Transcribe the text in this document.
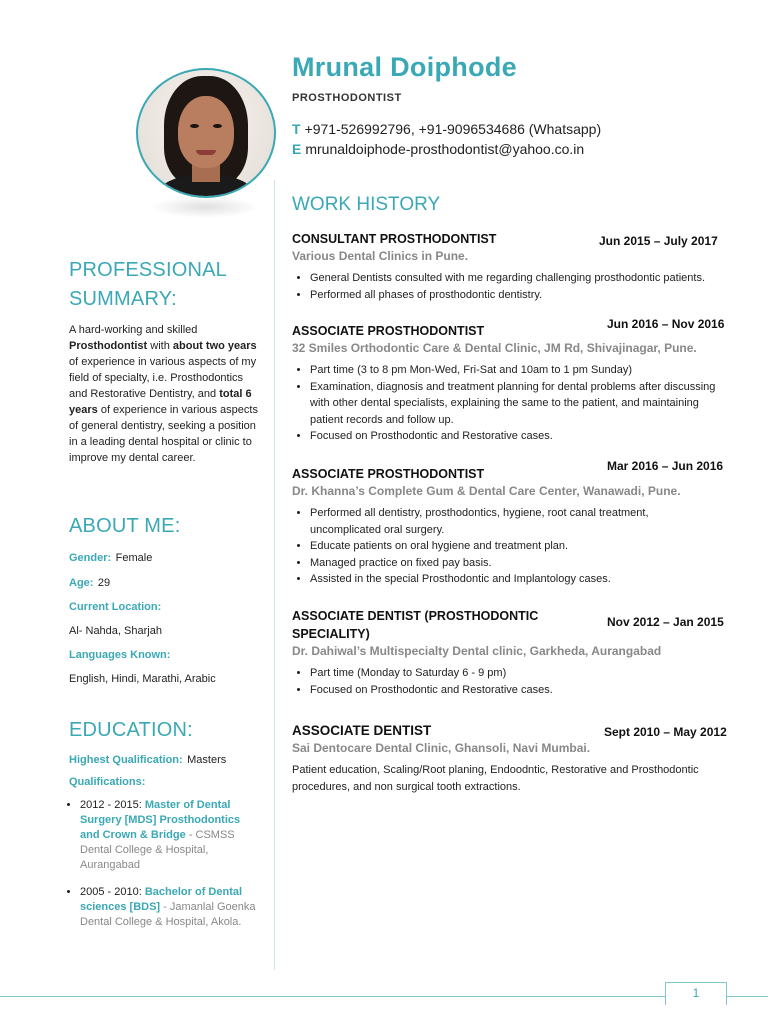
PROFESSIONAL
SUMMARY:
A hard-working and skilled Prosthodontist with about two years of experience in various aspects of my field of specialty, i.e. Prosthodontics and Restorative Dentistry, and total 6 years of experience in various aspects of general dentistry, seeking a position in a leading dental hospital or clinic to improve my dental career.
ABOUT ME:
Gender: Female
Age: 29
Current Location:
Al- Nahda, Sharjah
Languages Known:
English, Hindi, Marathi, Arabic
EDUCATION:
Highest Qualification: Masters
Qualifications:
• 2012 - 2015: Master of Dental Surgery [MDS] Prosthodontics and Crown & Bridge - CSMSS Dental College & Hospital, Aurangabad
• 2005 - 2010: Bachelor of Dental sciences [BDS] - Jamanlal Goenka Dental College & Hospital, Akola.
Mrunal Doiphode
PROSTHODONTIST
T +971-526992796, +91-9096534686 (Whatsapp)
E mrunaldoiphode-prosthodontist@yahoo.co.in
WORK HISTORY
CONSULTANT PROSTHODONTIST	Jun 2015 – July 2017
Various Dental Clinics in Pune.
• General Dentists consulted with me regarding challenging prosthodontic patients.
• Performed all phases of prosthodontic dentistry.
ASSOCIATE PROSTHODONTIST	Jun 2016 – Nov 2016
32 Smiles Orthodontic Care & Dental Clinic, JM Rd, Shivajinagar, Pune.
• Part time (3 to 8 pm Mon-Wed, Fri-Sat and 10am to 1 pm Sunday)
• Examination, diagnosis and treatment planning for dental problems after discussing with other dental specialists, explaining the same to the patient, and maintaining patient records and follow up.
• Focused on Prosthodontic and Restorative cases.
ASSOCIATE PROSTHODONTIST
Mar 2016 – Jun 2016
Dr. Khanna’s Complete Gum & Dental Care Center, Wanawadi, Pune.
• Performed all dentistry, prosthodontics, hygiene, root canal treatment, uncomplicated oral surgery.
• Educate patients on oral hygiene and treatment plan.
• Managed practice on fixed pay basis.
• Assisted in the special Prosthodontic and Implantology cases.
ASSOCIATE DENTIST (PROSTHODONTIC SPECIALITY)
Nov 2012 – Jan 2015
Dr. Dahiwal’s Multispecialty Dental clinic, Garkheda, Aurangabad
• Part time (Monday to Saturday 6 - 9 pm)
• Focused on Prosthodontic and Restorative cases.
ASSOCIATE DENTIST	Sept 2010 – May 2012
Sai Dentocare Dental Clinic, Ghansoli, Navi Mumbai.
Patient education, Scaling/Root planing, Endoodntic, Restorative and Prosthodontic procedures, and non surgical tooth extractions.
1
